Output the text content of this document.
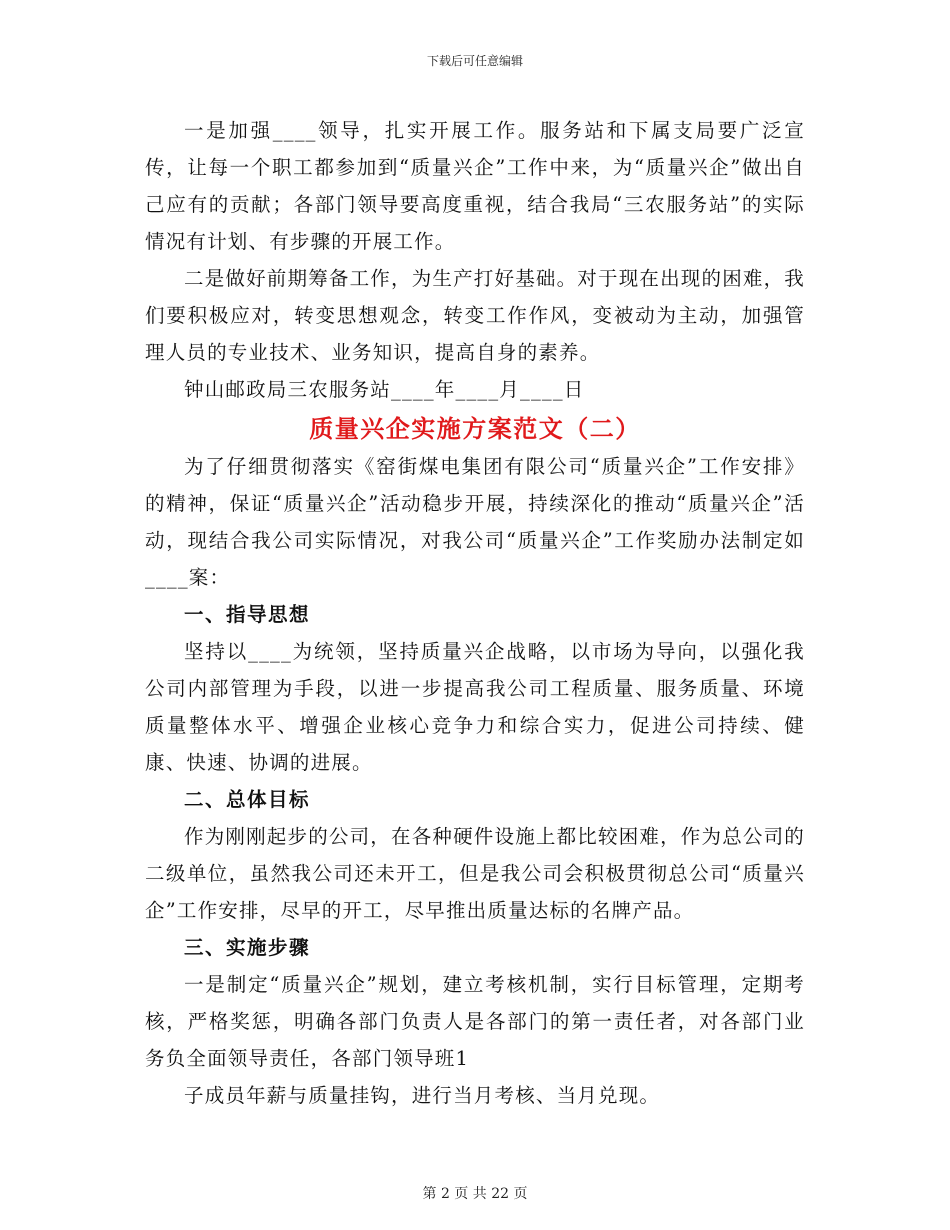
下载后可任意编辑

一是加强____领导，扎实开展工作。服务站和下属支局要广泛宣传，让每一个职工都参加到“质量兴企”工作中来，为“质量兴企”做出自己应有的贡献；各部门领导要高度重视，结合我局“三农服务站”的实际情况有计划、有步骤的开展工作。

二是做好前期筹备工作，为生产打好基础。对于现在出现的困难，我们要积极应对，转变思想观念，转变工作作风，变被动为主动，加强管理人员的专业技术、业务知识，提高自身的素养。

钟山邮政局三农服务站____年____月____日

质量兴企实施方案范文（二）

为了仔细贯彻落实《窑街煤电集团有限公司“质量兴企”工作安排》的精神，保证“质量兴企”活动稳步开展，持续深化的推动“质量兴企”活动，现结合我公司实际情况，对我公司“质量兴企”工作奖励办法制定如____案：

一、指导思想

坚持以____为统领，坚持质量兴企战略，以市场为导向，以强化我公司内部管理为手段，以进一步提高我公司工程质量、服务质量、环境质量整体水平、增强企业核心竞争力和综合实力，促进公司持续、健康、快速、协调的进展。

二、总体目标

作为刚刚起步的公司，在各种硬件设施上都比较困难，作为总公司的二级单位，虽然我公司还未开工，但是我公司会积极贯彻总公司“质量兴企”工作安排，尽早的开工，尽早推出质量达标的名牌产品。

三、实施步骤

一是制定“质量兴企”规划，建立考核机制，实行目标管理，定期考核，严格奖惩，明确各部门负责人是各部门的第一责任者，对各部门业务负全面领导责任，各部门领导班1

子成员年薪与质量挂钩，进行当月考核、当月兑现。

第 2 页 共 22 页
